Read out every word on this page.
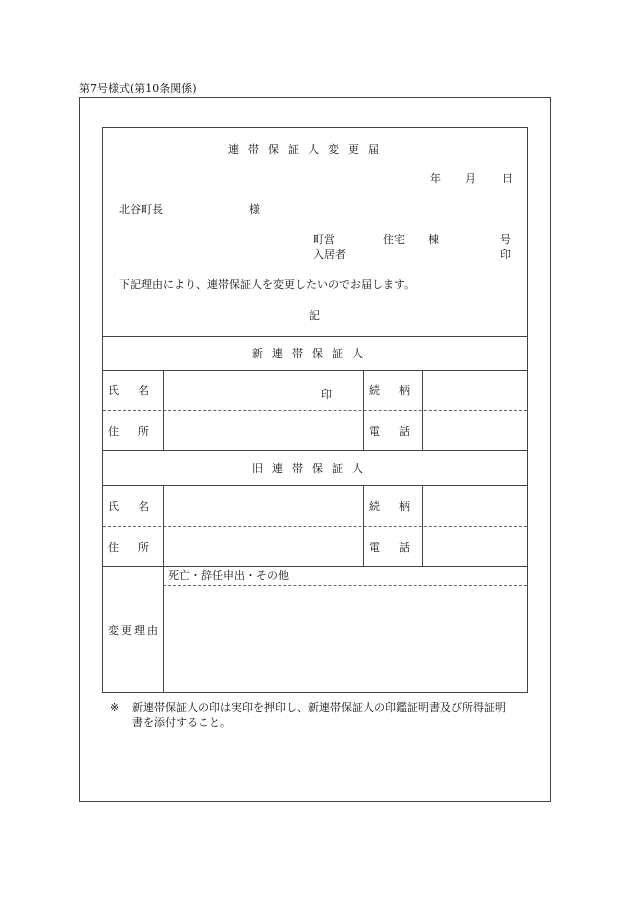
第7号様式(第10条関係)
連帯保証人変更届
年 月 日
北谷町長	様
町営	住宅 棟	号
入居者	印
下記理由により、連帯保証人を変更したいのでお届します。
記
新連帯保証人
氏名	印	続柄
住所	電話
旧連帯保証人
氏名	続柄
住所	電話
変更理由
死亡・辞任申出・その他
※ 新連帯保証人の印は実印を押印し、新連帯保証人の印鑑証明書及び所得証明
書を添付すること。
